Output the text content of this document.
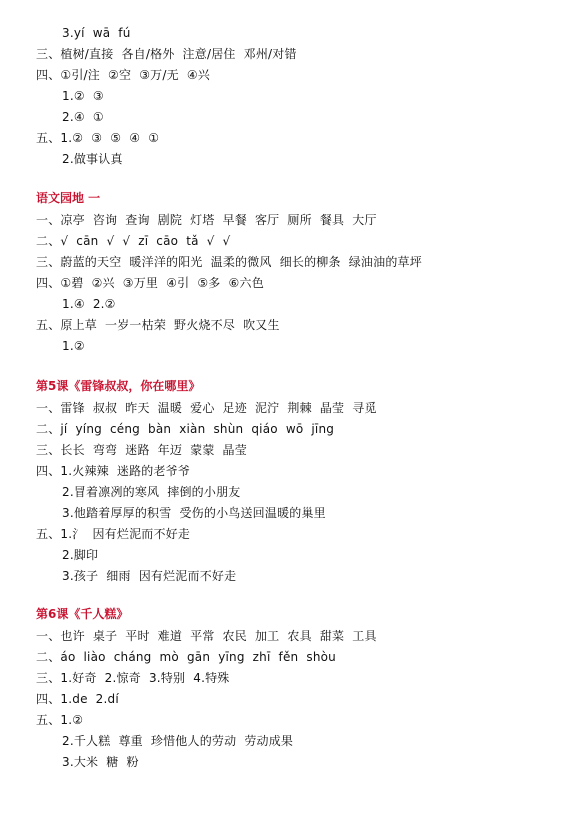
3.yí  wā  fú
三、植树/直接  各自/格外  注意/居住  邓州/对错
四、①引/注  ②空  ③万/无  ④兴
1.②  ③
2.④  ①
五、1.②  ③  ⑤  ④  ①
2.做事认真
语文园地 一
一、凉亭  咨询  查询  剧院  灯塔  早餐  客厅  厕所  餐具  大厅
二、√  cān  √  √  zī  cāo  tǎ  √  √
三、蔚蓝的天空  暖洋洋的阳光  温柔的微风  细长的柳条  绿油油的草坪
四、①碧  ②兴  ③万里  ④引  ⑤多  ⑥六色
1.④  2.②
五、原上草  一岁一枯荣  野火烧不尽  吹又生
1.②
第5课《雷锋叔叔，你在哪里》
一、雷锋  叔叔  昨天  温暖  爱心  足迹  泥泞  荆棘  晶莹  寻觅
二、jí  yíng  céng  bàn  xiàn  shùn  qiáo  wō  jīng
三、长长  弯弯  迷路  年迈  蒙蒙  晶莹
四、1.火辣辣  迷路的老爷爷
2.冒着凛冽的寒风  摔倒的小朋友
3.他踏着厚厚的积雪  受伤的小鸟送回温暖的巢里
五、1.氵  因有烂泥而不好走
2.脚印
3.孩子  细雨  因有烂泥而不好走
第6课《千人糕》
一、也许  桌子  平时  难道  平常  农民  加工  农具  甜菜  工具
二、áo  liào  cháng  mò  gān  yīng  zhī  fěn  shòu
三、1.好奇  2.惊奇  3.特别  4.特殊
四、1.de  2.dí
五、1.②
2.千人糕  尊重  珍惜他人的劳动  劳动成果
3.大米  糖  粉
